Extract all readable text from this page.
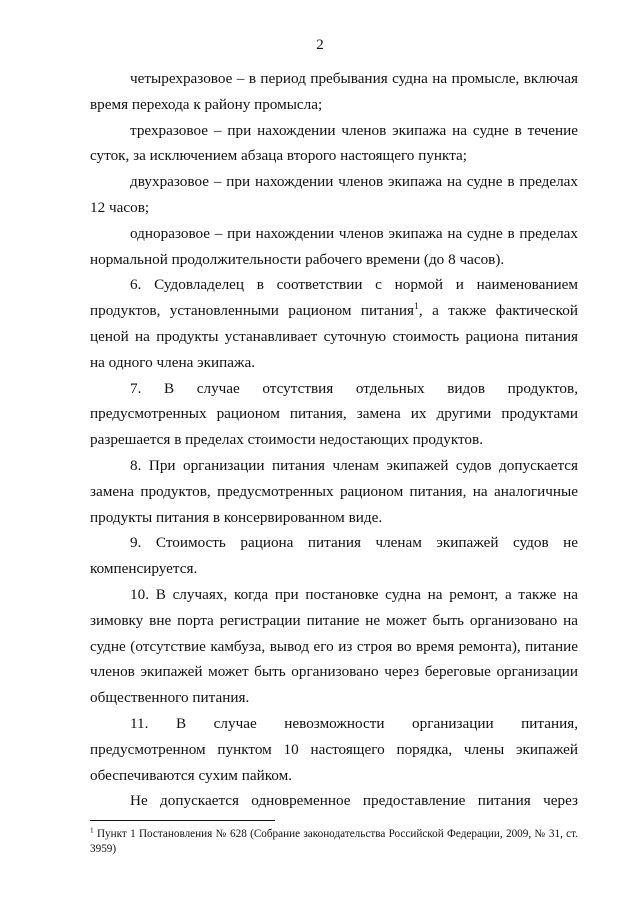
2

четырехразовое – в период пребывания судна на промысле, включая время перехода к району промысла;

трехразовое – при нахождении членов экипажа на судне в течение суток, за исключением абзаца второго настоящего пункта;

двухразовое – при нахождении членов экипажа на судне в пределах 12 часов;

одноразовое – при нахождении членов экипажа на судне в пределах нормальной продолжительности рабочего времени (до 8 часов).

6. Судовладелец в соответствии с нормой и наименованием продуктов, установленными рационом питания$^1$, а также фактической ценой на продукты устанавливает суточную стоимость рациона питания на одного члена экипажа.

7. В случае отсутствия отдельных видов продуктов, предусмотренных рационом питания, замена их другими продуктами разрешается в пределах стоимости недостающих продуктов.

8. При организации питания членам экипажей судов допускается замена продуктов, предусмотренных рационом питания, на аналогичные продукты питания в консервированном виде.

9. Стоимость рациона питания членам экипажей судов не компенсируется.

10. В случаях, когда при постановке судна на ремонт, а также на зимовку вне порта регистрации питание не может быть организовано на судне (отсутствие камбуза, вывод его из строя во время ремонта), питание членов экипажей может быть организовано через береговые организации общественного питания.

11. В случае невозможности организации питания, предусмотренном пунктом 10 настоящего порядка, члены экипажей обеспечиваются сухим пайком.

Не допускается одновременное предоставление питания через

$^1$ Пункт 1 Постановления № 628 (Собрание законодательства Российской Федерации, 2009, № 31, ст. 3959)
